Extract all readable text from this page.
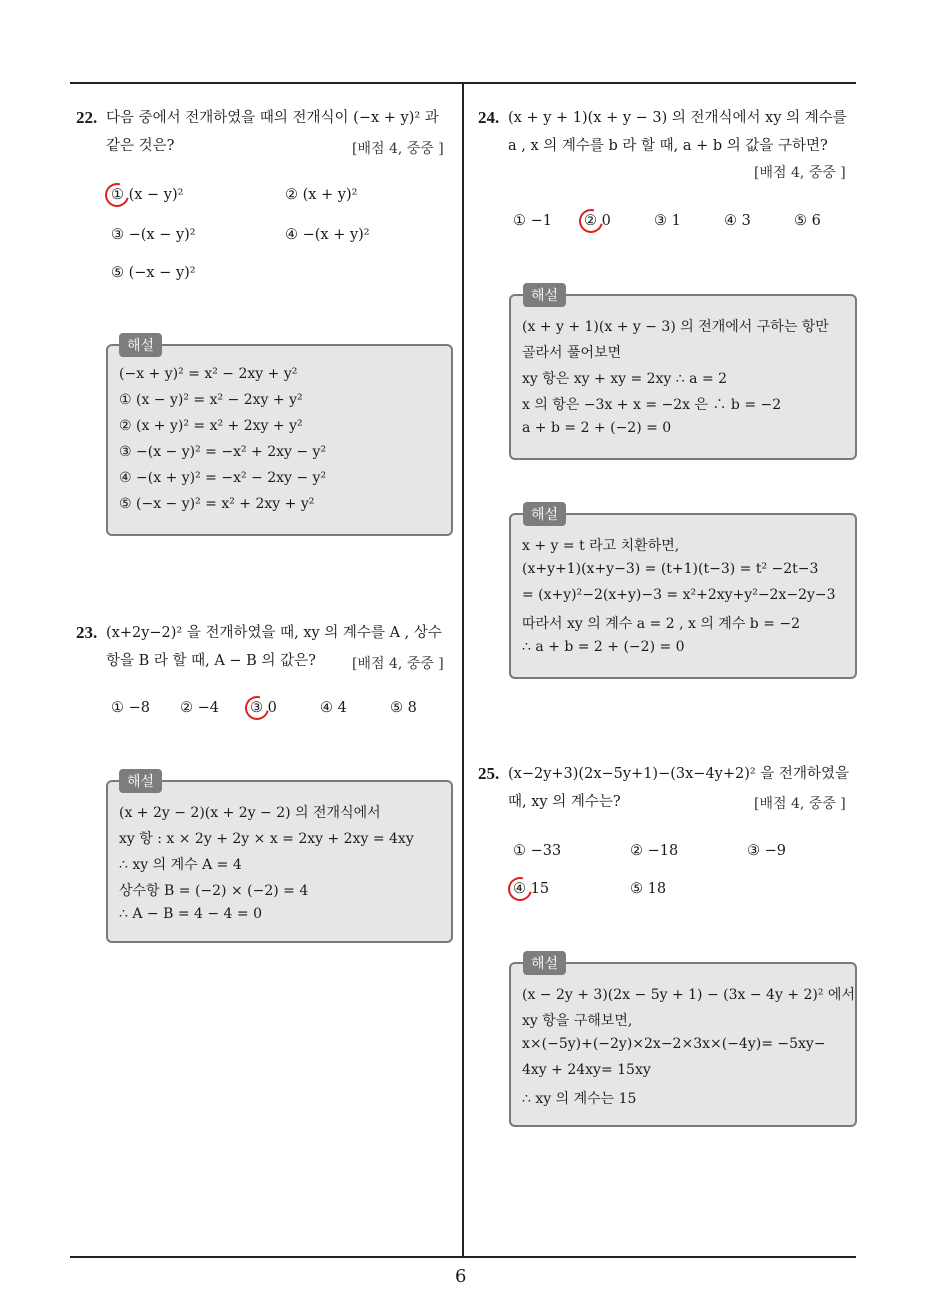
6
22. 다음 중에서 전개하였을 때의 전개식이 (−x + y)² 과
같은 것은?	[배점 4, 중중 ]
① (x − y)²	② (x + y)²
③ −(x − y)²	④ −(x + y)²
⑤ (−x − y)²
해설
(−x + y)² = x² − 2xy + y²
① (x − y)² = x² − 2xy + y²
② (x + y)² = x² + 2xy + y²
③ −(x − y)² = −x² + 2xy − y²
④ −(x + y)² = −x² − 2xy − y²
⑤ (−x − y)² = x² + 2xy + y²
23. (x+2y−2)² 을 전개하였을 때, xy 의 계수를 A , 상수
항을 B 라 할 때, A − B 의 값은?	[배점 4, 중중 ]
① −8 ② −4 ③ 0	④ 4	⑤ 8
해설
(x + 2y − 2)(x + 2y − 2) 의 전개식에서
xy 항 : x × 2y + 2y × x = 2xy + 2xy = 4xy
∴ xy 의 계수 A = 4
상수항 B = (−2) × (−2) = 4
∴ A − B = 4 − 4 = 0
24. (x + y + 1)(x + y − 3) 의 전개식에서 xy 의 계수를
a , x 의 계수를 b 라 할 때, a + b 의 값을 구하면?
[배점 4, 중중 ]
① −1 ② 0	③ 1	④ 3	⑤ 6
해설
(x + y + 1)(x + y − 3) 의 전개에서 구하는 항만
골라서 풀어보면
xy 항은 xy + xy = 2xy ∴ a = 2
x 의 항은 −3x + x = −2x 은 ∴ b = −2
a + b = 2 + (−2) = 0
해설
x + y = t 라고 치환하면,
(x+y+1)(x+y−3) = (t+1)(t−3) = t² −2t−3
= (x+y)²−2(x+y)−3 = x²+2xy+y²−2x−2y−3
따라서 xy 의 계수 a = 2 , x 의 계수 b = −2
∴ a + b = 2 + (−2) = 0
25. (x−2y+3)(2x−5y+1)−(3x−4y+2)² 을 전개하였을
때, xy 의 계수는?	[배점 4, 중중 ]
① −33	② −18	③ −9
④ 15	⑤ 18
해설
(x − 2y + 3)(2x − 5y + 1) − (3x − 4y + 2)² 에서
xy 항을 구해보면,
x×(−5y)+(−2y)×2x−2×3x×(−4y)= −5xy−
4xy + 24xy= 15xy
∴ xy 의 계수는 15
